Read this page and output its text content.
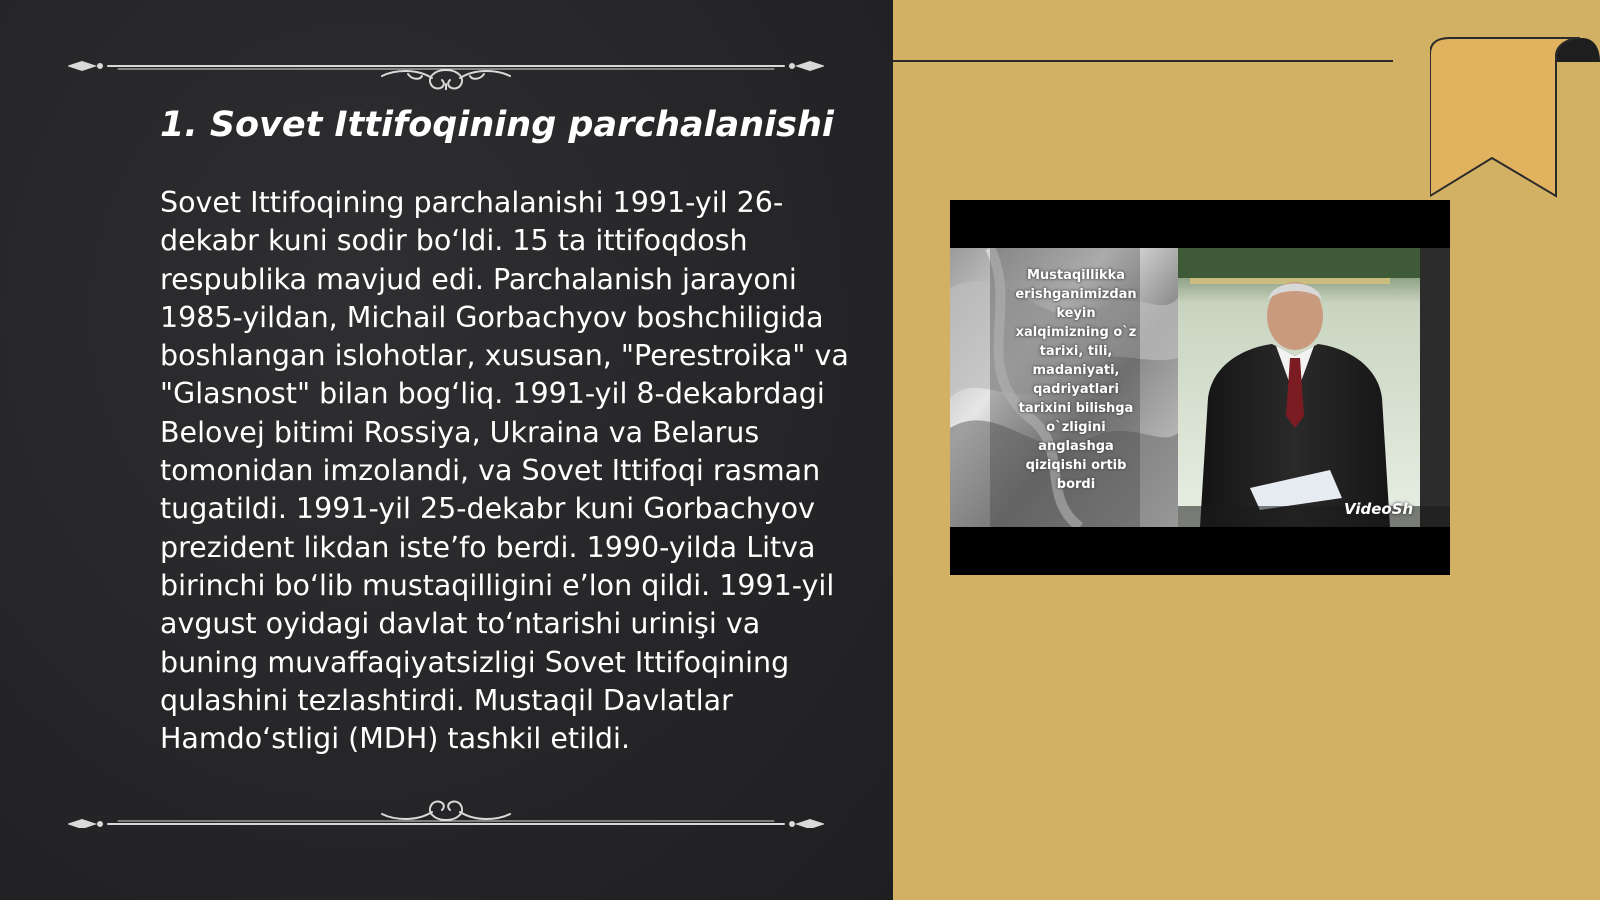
1. Sovet Ittifoqining parchalanishi

Sovet Ittifoqining parchalanishi 1991-yil 26-dekabr kuni sodir boʻldi. 15 ta ittifoqdosh respublika mavjud edi. Parchalanish jarayoni 1985-yildan, Michail Gorbachyov boshchiligida boshlangan islohotlar, xususan, "Perestroika" va "Glasnost" bilan bogʻliq. 1991-yil 8-dekabrdagi Belovej bitimi Rossiya, Ukraina va Belarus tomonidan imzolandi, va Sovet Ittifoqi rasman tugatildi. 1991-yil 25-dekabr kuni Gorbachyov prezident likdan isteʼfo berdi. 1990-yilda Litva birinchi boʻlib mustaqilligini eʼlon qildi. 1991-yil avgust oyidagi davlat toʻntarishi urinişi va buning muvaffaqiyatsizligi Sovet Ittifoqining qulashini tezlashtirdi. Mustaqil Davlatlar Hamdoʻstligi (MDH) tashkil etildi.

Mustaqillikka erishganimizdan keyin xalqimizning o`z tarixi, tili, madaniyati, qadriyatlari tarixini bilishga o`zligini anglashga qiziqishi ortib bordi

VideoSh
